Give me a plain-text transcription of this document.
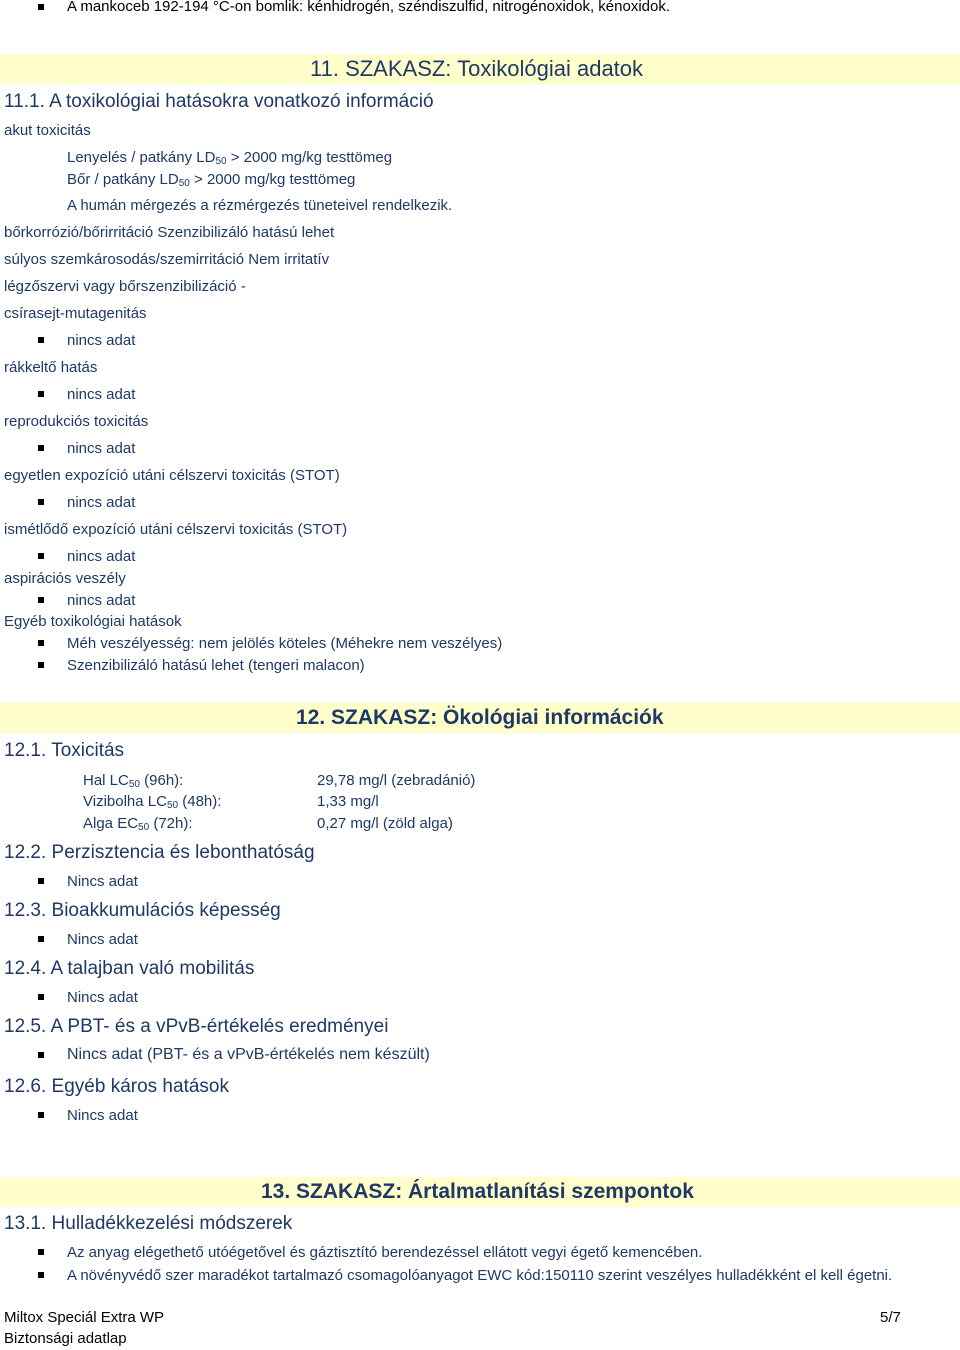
A mankoceb 192-194 °C-on bomlik: kénhidrogén, széndiszulfid, nitrogénoxidok, kénoxidok.
11. SZAKASZ: Toxikológiai adatok
11.1. A toxikológiai hatásokra vonatkozó információ
akut toxicitás
Lenyelés / patkány $LD_{50} > 2000$ mg/kg testtömeg
Bőr / patkány $LD_{50} > 2000$ mg/kg testtömeg
A humán mérgezés a rézmérgezés tüneteivel rendelkezik.
bőrkorrózió/bőrirritáció Szenzibilizáló hatású lehet
súlyos szemkárosodás/szemirritáció Nem irritatív
légzőszervi vagy bőrszenzibilizáció -
csírasejt-mutagenitás
nincs adat
rákkeltő hatás
nincs adat
reprodukciós toxicitás
nincs adat
egyetlen expozíció utáni célszervi toxicitás (STOT)
nincs adat
ismétlődő expozíció utáni célszervi toxicitás (STOT)
nincs adat
aspirációs veszély
nincs adat
Egyéb toxikológiai hatások
Méh veszélyesség: nem jelölés köteles (Méhekre nem veszélyes)
Szenzibilizáló hatású lehet (tengeri malacon)
12. SZAKASZ: Ökológiai információk
12.1. Toxicitás
Hal $LC_{50}$ (96h):	29,78 mg/l (zebradánió)
Vizibolha $LC_{50}$ (48h):	1,33 mg/l
Alga $EC_{50}$ (72h):	0,27 mg/l (zöld alga)
12.2. Perzisztencia és lebonthatóság
Nincs adat
12.3. Bioakkumulációs képesség
Nincs adat
12.4. A talajban való mobilitás
Nincs adat
12.5. A PBT- és a vPvB-értékelés eredményei
Nincs adat (PBT- és a vPvB-értékelés nem készült)
12.6. Egyéb káros hatások
Nincs adat
13. SZAKASZ: Ártalmatlanítási szempontok
13.1. Hulladékkezelési módszerek
Az anyag elégethető utóégetővel és gáztisztító berendezéssel ellátott vegyi égető kemencében.
A növényvédő szer maradékot tartalmazó csomagolóanyagot EWC kód:150110 szerint veszélyes hulladékként el kell égetni.
Miltox Speciál Extra WP
Biztonsági adatlap
5/7
